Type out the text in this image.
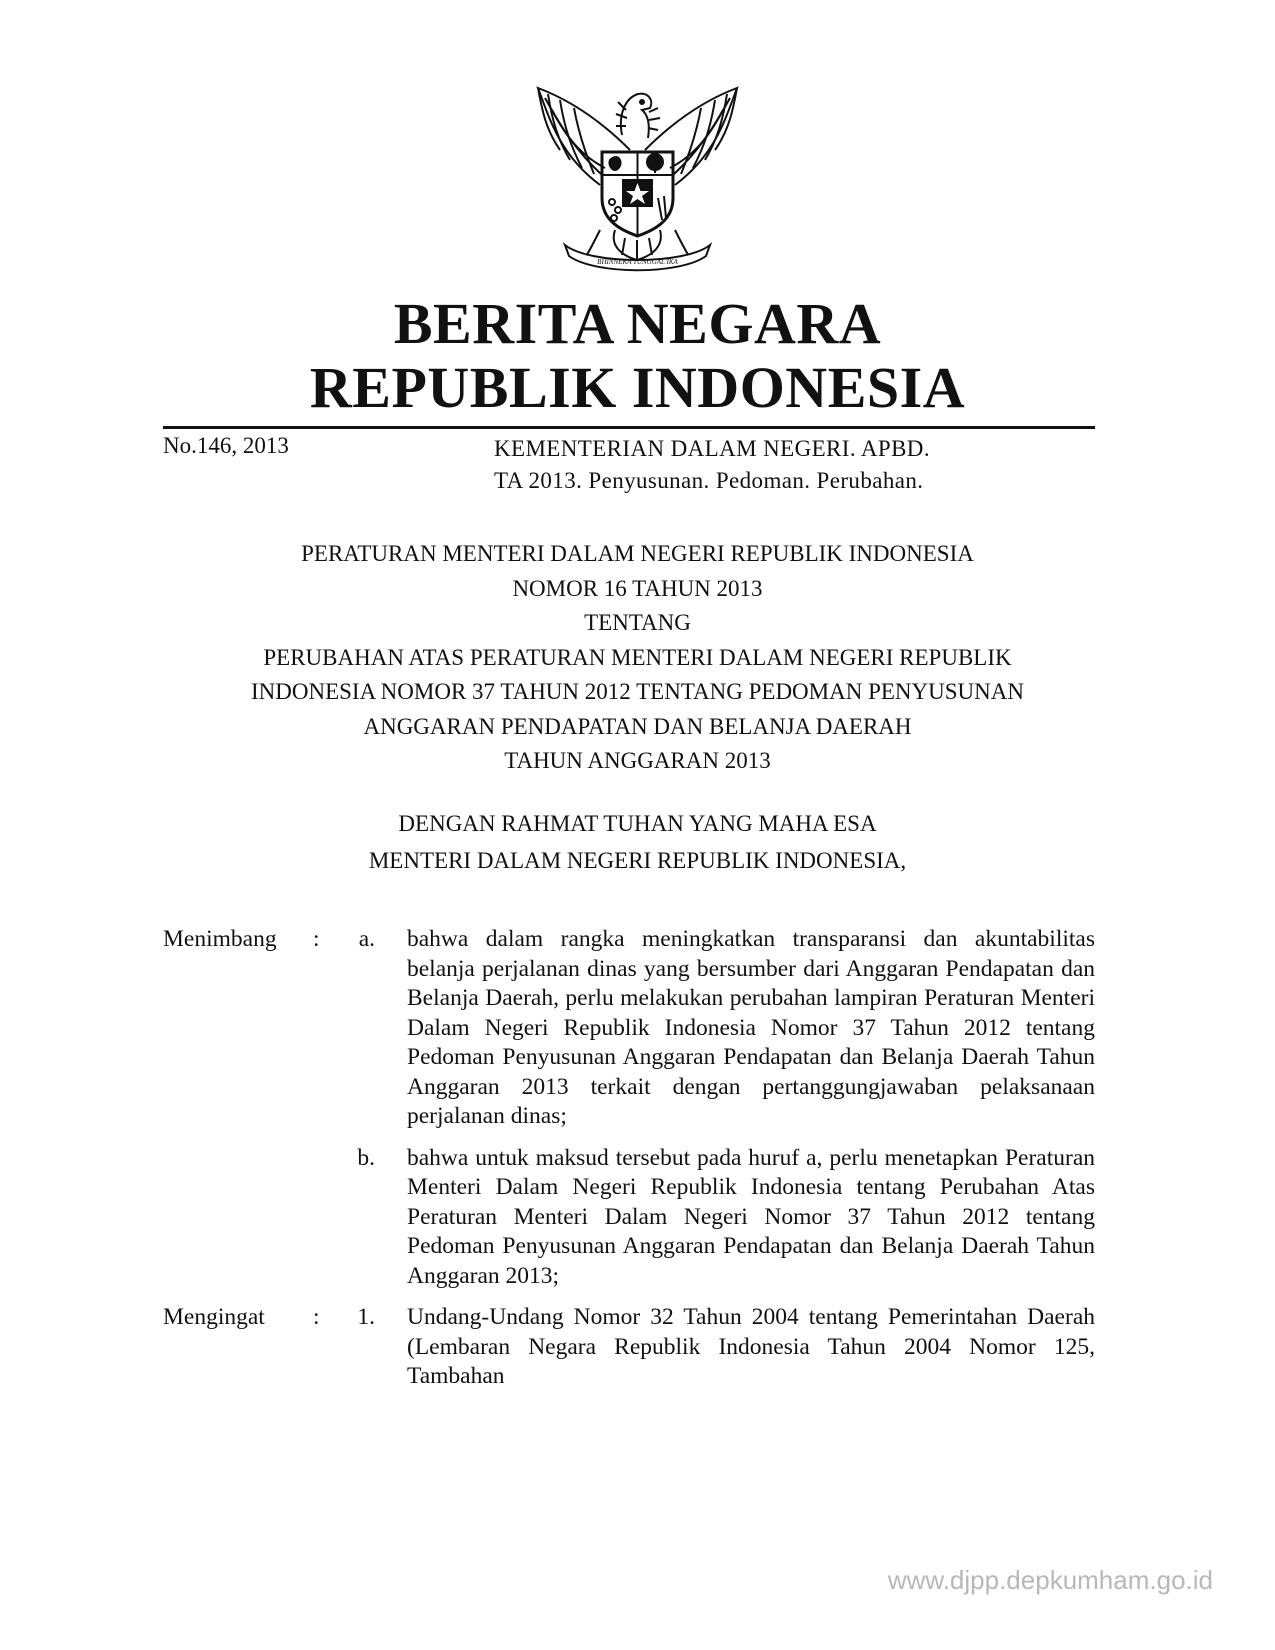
BHINNEKA TUNGGAL IKA
BERITA NEGARA
REPUBLIK INDONESIA
No.146, 2013	KEMENTERIAN DALAM NEGERI. APBD.
TA 2013. Penyusunan. Pedoman. Perubahan.
PERATURAN MENTERI DALAM NEGERI REPUBLIK INDONESIA
NOMOR 16 TAHUN 2013
TENTANG
PERUBAHAN ATAS PERATURAN MENTERI DALAM NEGERI REPUBLIK
INDONESIA NOMOR 37 TAHUN 2012 TENTANG PEDOMAN PENYUSUNAN
ANGGARAN PENDAPATAN DAN BELANJA DAERAH
TAHUN ANGGARAN 2013
DENGAN RAHMAT TUHAN YANG MAHA ESA
MENTERI DALAM NEGERI REPUBLIK INDONESIA,
Menimbang :	a. bahwa dalam rangka meningkatkan transparansi dan akuntabilitas belanja perjalanan dinas yang bersumber dari Anggaran Pendapatan dan Belanja Daerah, perlu melakukan perubahan lampiran Peraturan Menteri Dalam Negeri Republik Indonesia Nomor 37 Tahun 2012 tentang Pedoman Penyusunan Anggaran Pendapatan dan Belanja Daerah Tahun Anggaran 2013 terkait dengan pertanggungjawaban pelaksanaan perjalanan dinas;
b. bahwa untuk maksud tersebut pada huruf a, perlu menetapkan Peraturan Menteri Dalam Negeri Republik Indonesia tentang Perubahan Atas Peraturan Menteri Dalam Negeri Nomor 37 Tahun 2012 tentang Pedoman Penyusunan Anggaran Pendapatan dan Belanja Daerah Tahun Anggaran 2013;
Mengingat :	1. Undang-Undang Nomor 32 Tahun 2004 tentang Pemerintahan Daerah (Lembaran Negara Republik Indonesia Tahun 2004 Nomor 125, Tambahan
www.djpp.depkumham.go.id
